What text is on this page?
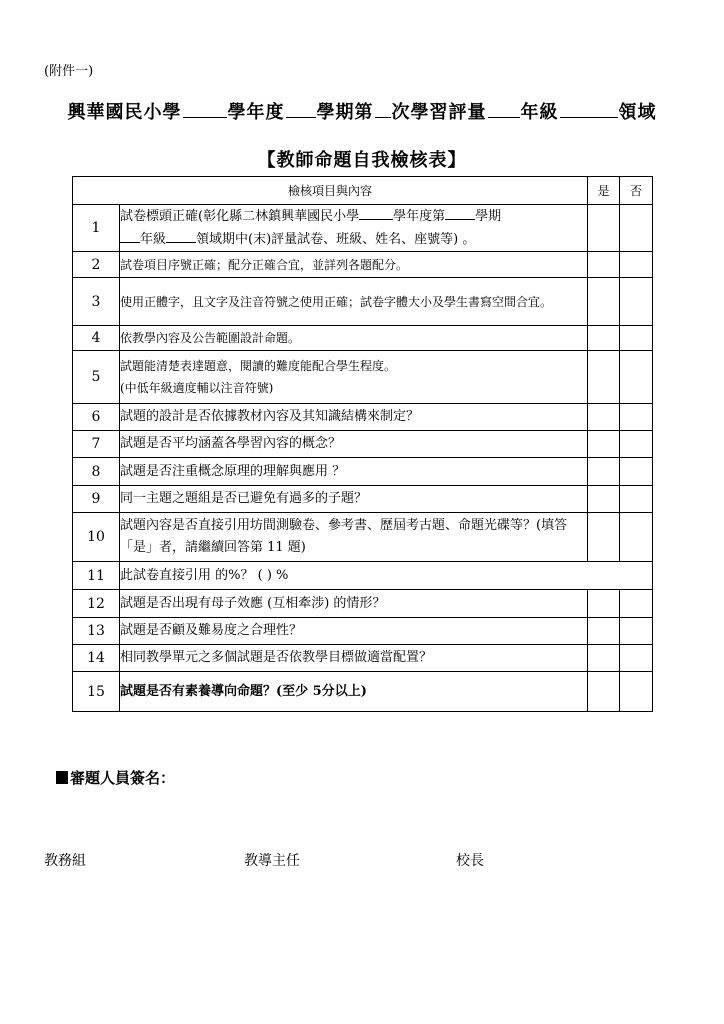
(附件一)
興華國民小學	學年度 學期第 次學習評量 年級	領域
【教師命題自我檢核表】
檢核項目與內容		是	否
1	試卷標頭正確(彰化縣二林鎮興華國民小學 學年度第 學期
年級 領域期中(末)評量試卷、班級、姓名、座號等) 。		
2	試卷項目序號正確；配分正確合宜，並詳列各題配分。		
3	使用正體字，且文字及注音符號之使用正確；試卷字體大小及學生書寫空間合宜。		
4	依教學內容及公告範圍設計命題。		
5	試題能清楚表達題意，閱讀的難度能配合學生程度。
(中低年級適度輔以注音符號)		
6	試題的設計是否依據教材內容及其知識結構來制定？		
7	試題是否平均涵蓋各學習內容的概念？		
8	試題是否注重概念原理的理解與應用 ？		
9	同一主題之題組是否已避免有過多的子題？		
10	試題內容是否直接引用坊間測驗卷、參考書、歷屆考古題、命題光碟等？(填答「是」者，請繼續回答第 11 題)		
11	此試卷直接引用 的%？ ( ) %		
12	試題是否出現有母子效應 (互相牽涉) 的情形？		
13	試題是否顧及難易度之合理性？		
14	相同教學單元之多個試題是否依教學目標做適當配置？		
15	試題是否有素養導向命題？(至少 5分以上)		
審題人員簽名：
教務組	教導主任	校長
